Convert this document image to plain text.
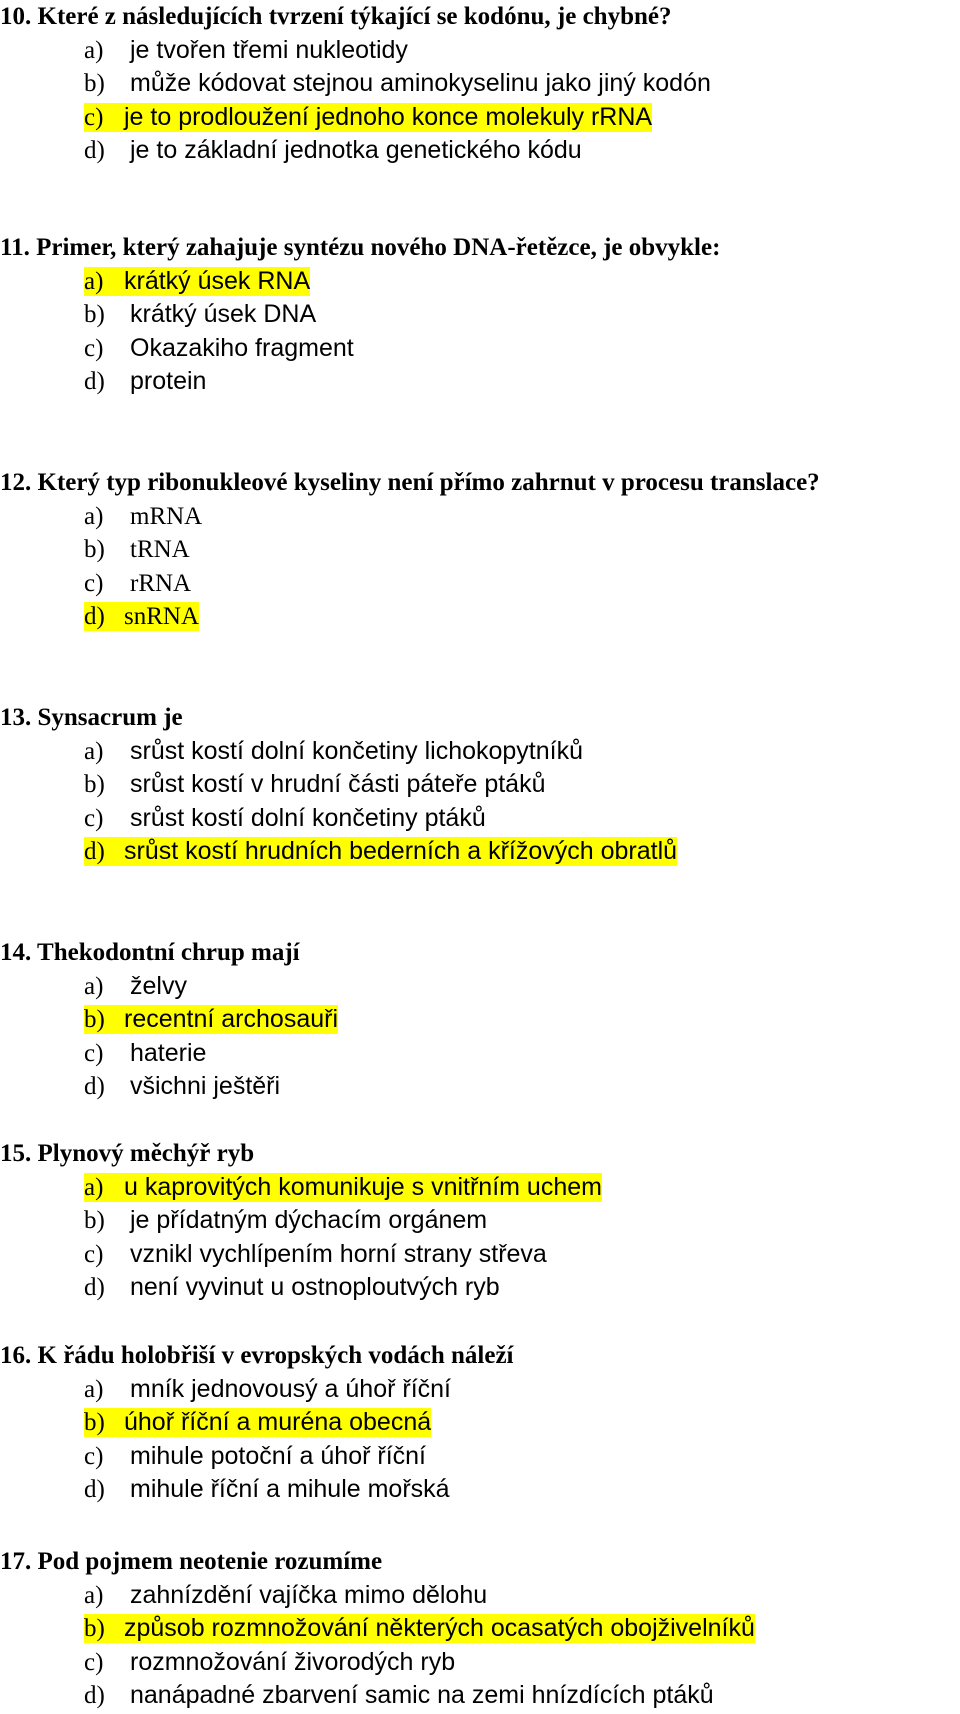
10. Které z následujících tvrzení týkající se kodónu, je chybné?
a)	je tvořen třemi nukleotidy
b)	může kódovat stejnou aminokyselinu jako jiný kodón
c) je to prodloužení jednoho konce molekuly rRNA
d)	je to základní jednotka genetického kódu
11. Primer, který zahajuje syntézu nového DNA-řetězce, je obvykle:
a) krátký úsek RNA
b)	krátký úsek DNA
c)	Okazakiho fragment
d)	protein
12. Který typ ribonukleové kyseliny není přímo zahrnut v procesu translace?
a)	mRNA
b)	tRNA
c)	rRNA
d) snRNA
13. Synsacrum je
a)	srůst kostí dolní končetiny lichokopytníků
b)	srůst kostí v hrudní části páteře ptáků
c)	srůst kostí dolní končetiny ptáků
d) srůst kostí hrudních bederních a křížových obratlů
14. Thekodontní chrup mají
a)	želvy
b) recentní archosauři
c)	haterie
d)	všichni ještěři
15. Plynový měchýř ryb
a) u kaprovitých komunikuje s vnitřním uchem
b)	je přídatným dýchacím orgánem
c)	vznikl vychlípením horní strany střeva
d)	není vyvinut u ostnoploutvých ryb
16. K řádu holobřiší v evropských vodách náleží
a)	mník jednovousý a úhoř říční
b) úhoř říční a muréna obecná
c)	mihule potoční a úhoř říční
d)	mihule říční a mihule mořská
17. Pod pojmem neotenie rozumíme
a)	zahnízdění vajíčka mimo dělohu
b) způsob rozmnožování některých ocasatých obojživelníků
c)	rozmnožování živorodých ryb
d)	nanápadné zbarvení samic na zemi hnízdících ptáků
